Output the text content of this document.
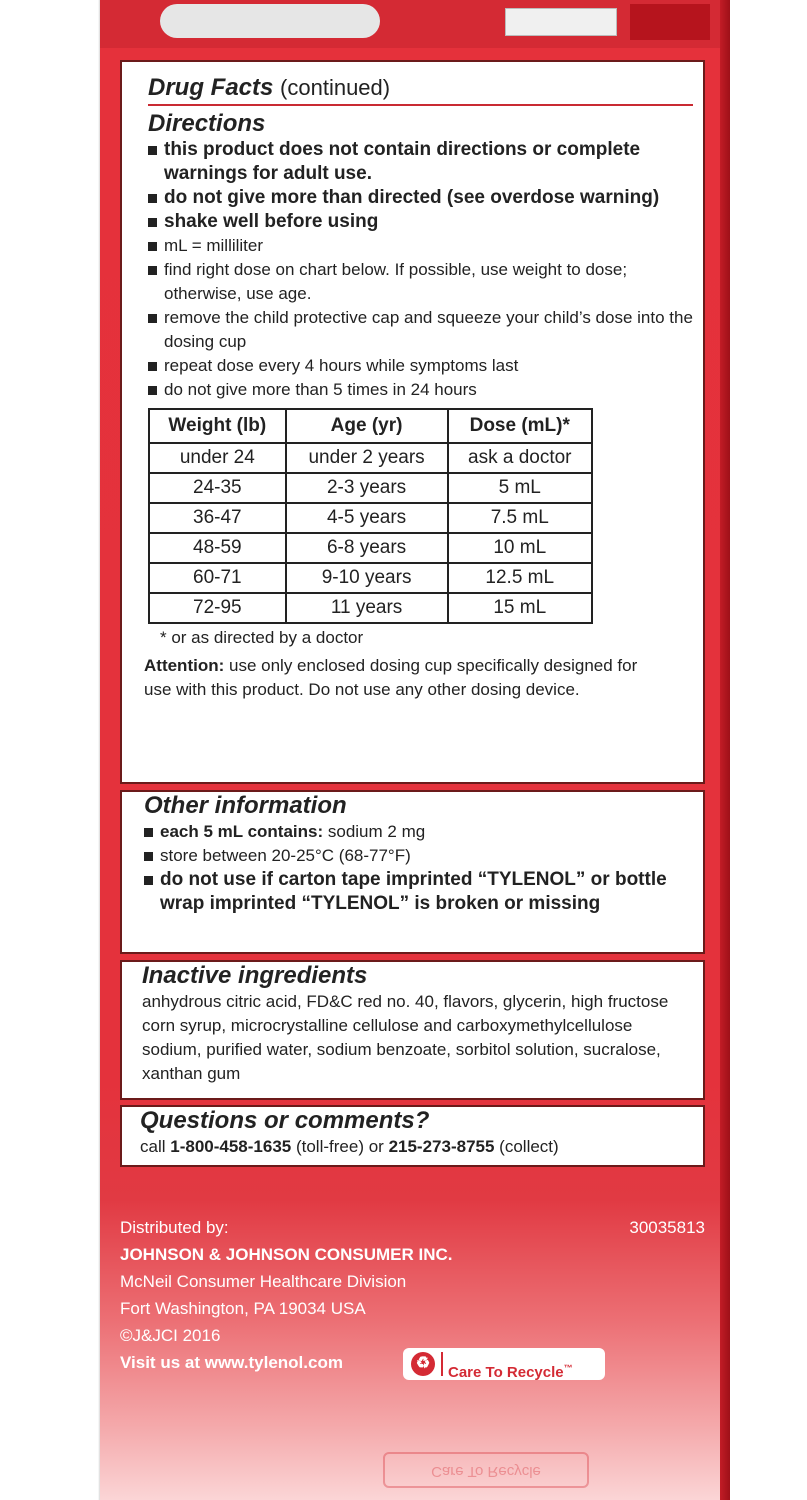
Drug Facts (continued)
Directions
this product does not contain directions or complete warnings for adult use.
do not give more than directed (see overdose warning)
shake well before using
mL = milliliter
find right dose on chart below. If possible, use weight to dose; otherwise, use age.
remove the child protective cap and squeeze your child’s dose into the dosing cup
repeat dose every 4 hours while symptoms last
do not give more than 5 times in 24 hours
Weight (lb)	Age (yr)	Dose (mL)*
under 24	under 2 years	ask a doctor
24-35	2-3 years	5 mL
36-47	4-5 years	7.5 mL
48-59	6-8 years	10 mL
60-71	9-10 years	12.5 mL
72-95	11 years	15 mL
* or as directed by a doctor
Attention: use only enclosed dosing cup specifically designed for use with this product. Do not use any other dosing device.
Other information
each 5 mL contains: sodium 2 mg
store between 20-25°C (68-77°F)
do not use if carton tape imprinted “TYLENOL” or bottle wrap imprinted “TYLENOL” is broken or missing
Inactive ingredients
anhydrous citric acid, FD&C red no. 40, flavors, glycerin, high fructose corn syrup, microcrystalline cellulose and carboxymethylcellulose sodium, purified water, sodium benzoate, sorbitol solution, sucralose, xanthan gum
Questions or comments?
call 1-800-458-1635 (toll-free) or 215-273-8755 (collect)
Distributed by:	30035813
JOHNSON & JOHNSON CONSUMER INC.
McNeil Consumer Healthcare Division
Fort Washington, PA 19034 USA
©J&JCI 2016
Visit us at www.tylenol.com	♻
Care To Recycle™
Care To Recycle
